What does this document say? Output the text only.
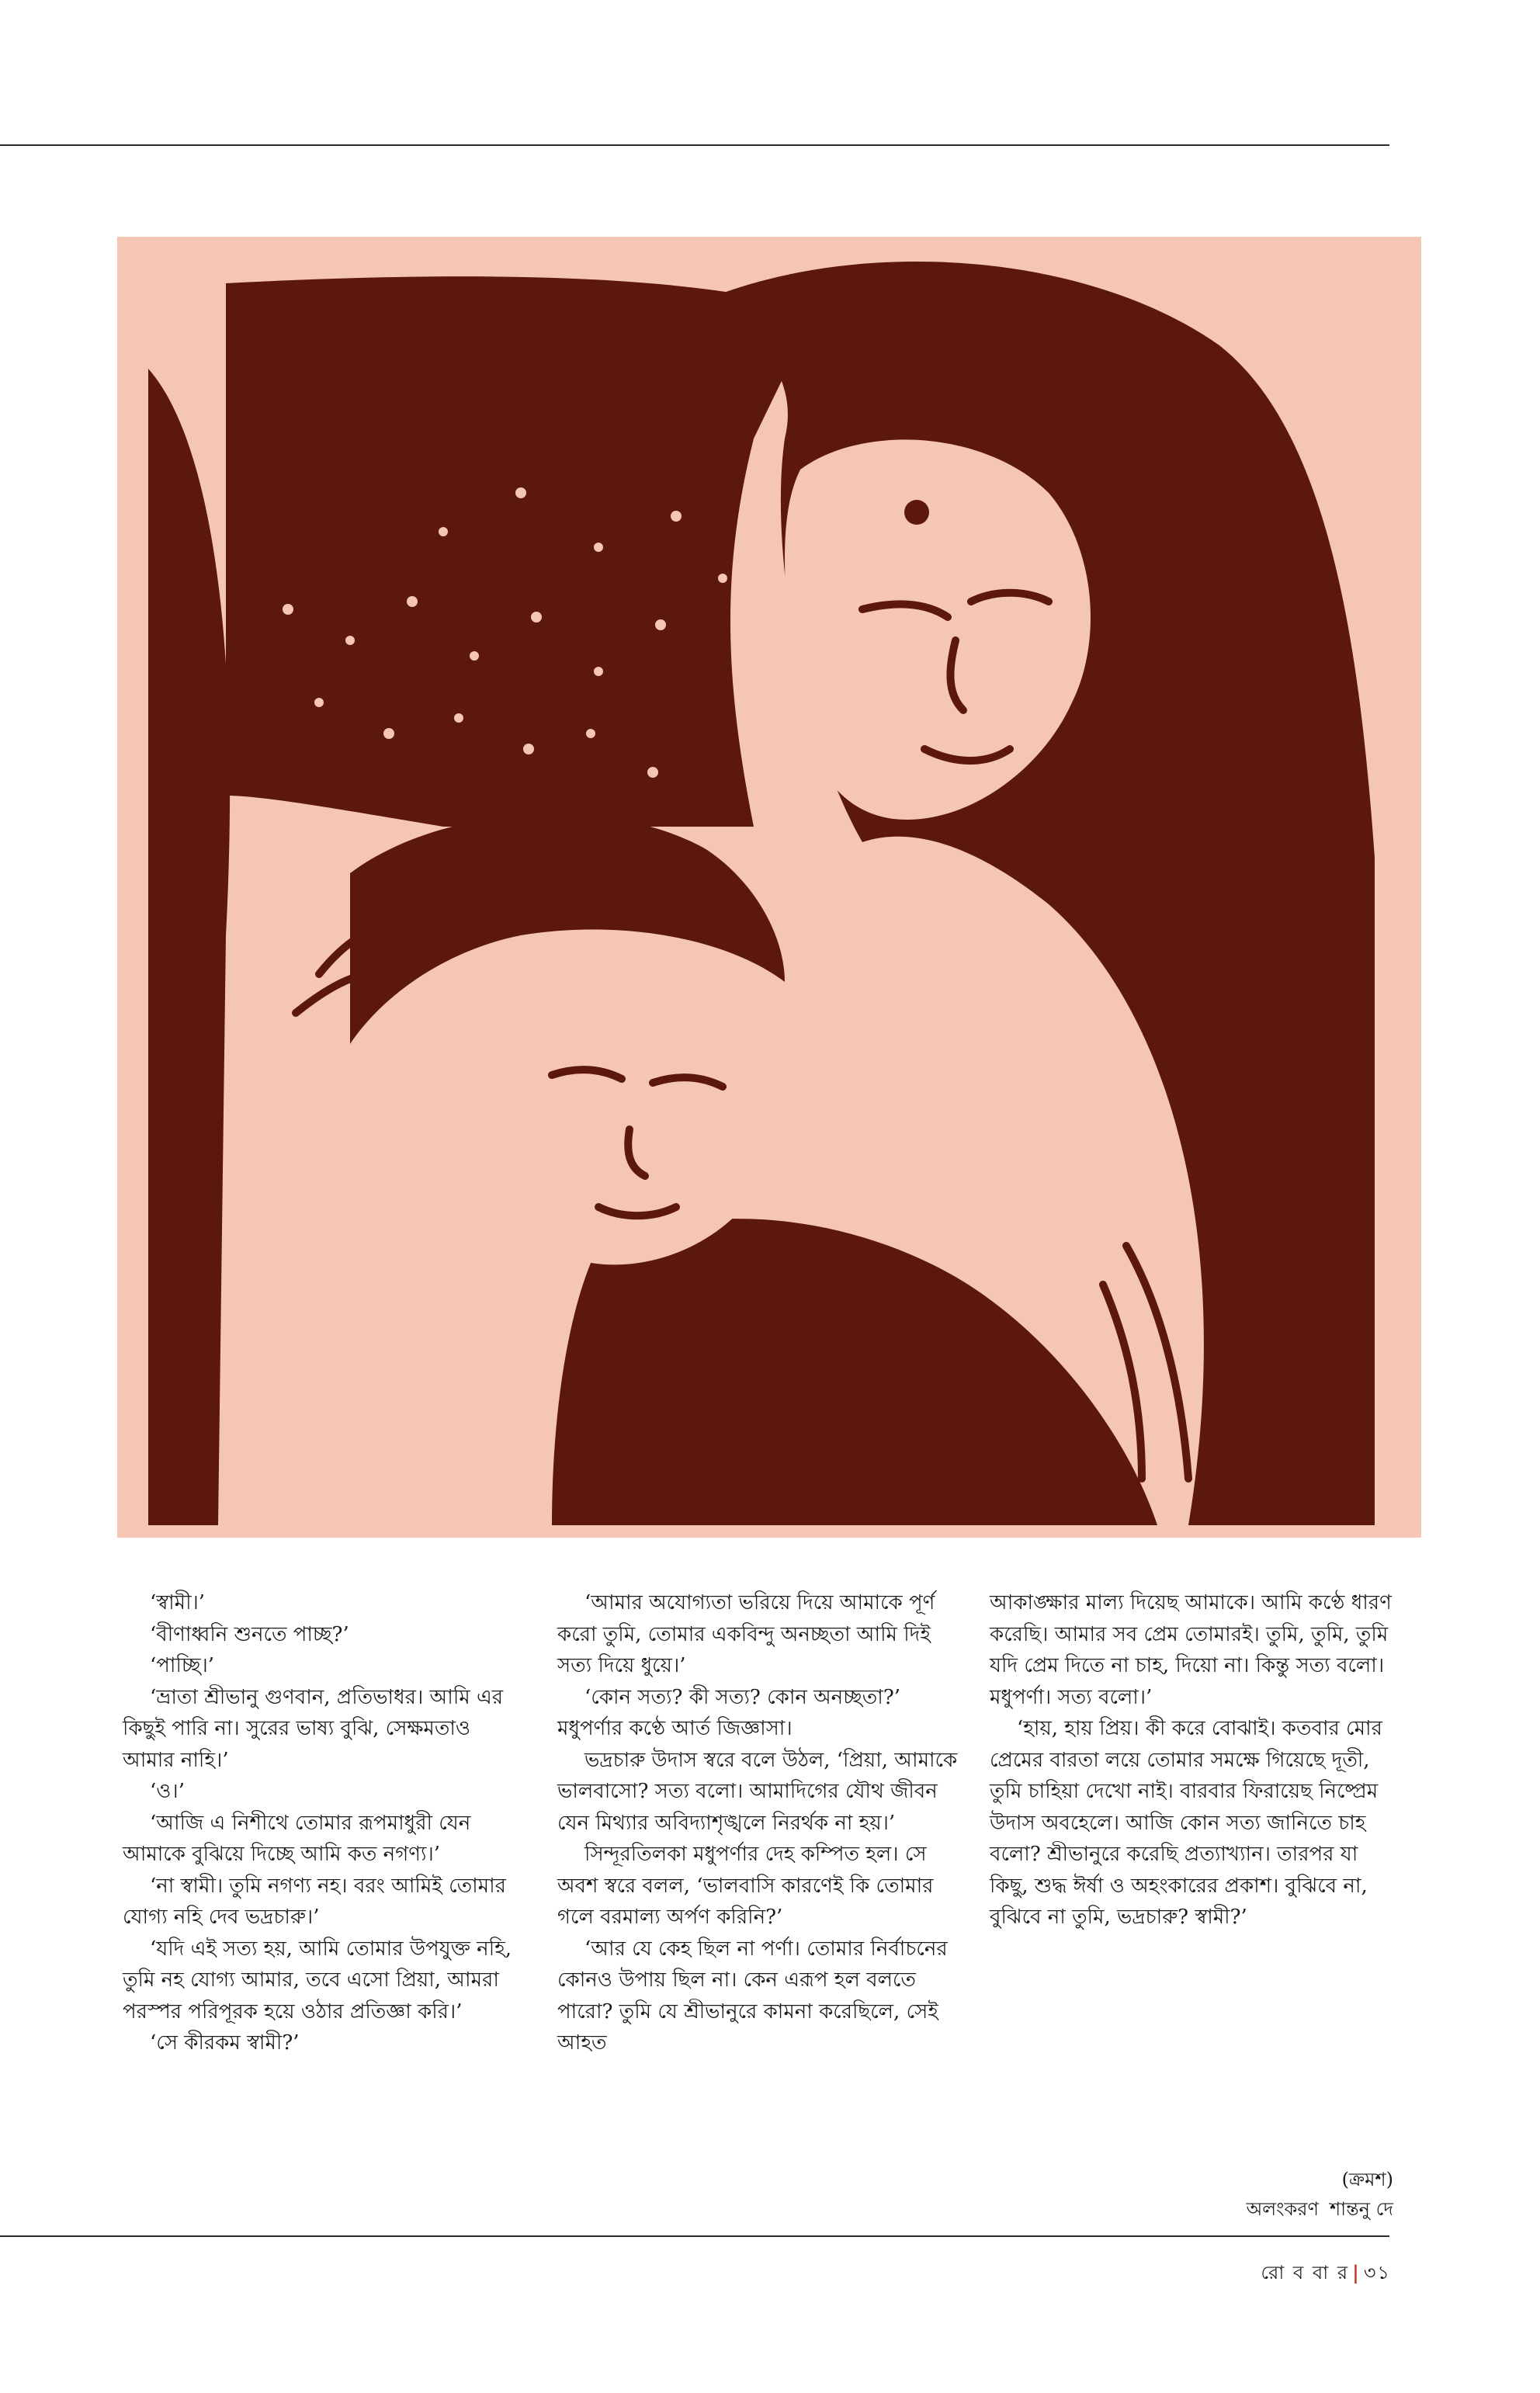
‘স্বামী।’

‘বীণাধ্বনি শুনতে পাচ্ছ?’

‘পাচ্ছি।’

‘ভ্রাতা শ্রীভানু গুণবান, প্রতিভাধর। আমি এর কিছুই পারি না। সুরের ভাষ্য বুঝি, সেক্ষমতাও আমার নাহি।’

‘ও।’

‘আজি এ নিশীথে তোমার রূপমাধুরী যেন আমাকে বুঝিয়ে দিচ্ছে আমি কত নগণ্য।’

‘না স্বামী। তুমি নগণ্য নহ। বরং আমিই তোমার যোগ্য নহি দেব ভদ্রচারু।’

‘যদি এই সত্য হয়, আমি তোমার উপযুক্ত নহি, তুমি নহ যোগ্য আমার, তবে এসো প্রিয়া, আমরা পরস্পর পরিপূরক হয়ে ওঠার প্রতিজ্ঞা করি।’

‘সে কীরকম স্বামী?’

‘আমার অযোগ্যতা ভরিয়ে দিয়ে আমাকে পূর্ণ করো তুমি, তোমার একবিন্দু অনচ্ছতা আমি দিই সত্য দিয়ে ধুয়ে।’

‘কোন সত্য? কী সত্য? কোন অনচ্ছতা?’ মধুপর্ণার কণ্ঠে আর্ত জিজ্ঞাসা।

ভদ্রচারু উদাস স্বরে বলে উঠল, ‘প্রিয়া, আমাকে ভালবাসো? সত্য বলো। আমাদিগের যৌথ জীবন যেন মিথ্যার অবিদ্যাশৃঙ্খলে নিরর্থক না হয়।’

সিন্দূরতিলকা মধুপর্ণার দেহ কম্পিত হল। সে অবশ স্বরে বলল, ‘ভালবাসি কারণেই কি তোমার গলে বরমাল্য অর্পণ করিনি?’

‘আর যে কেহ ছিল না পর্ণা। তোমার নির্বাচনের কোনও উপায় ছিল না। কেন এরূপ হল বলতে পারো? তুমি যে শ্রীভানুরে কামনা করেছিলে, সেই আহত

আকাঙ্ক্ষার মাল্য দিয়েছ আমাকে। আমি কণ্ঠে ধারণ করেছি। আমার সব প্রেম তোমারই। তুমি, তুমি, তুমি যদি প্রেম দিতে না চাহ, দিয়ো না। কিন্তু সত্য বলো। মধুপর্ণা। সত্য বলো।’

‘হায়, হায় প্রিয়। কী করে বোঝাই। কতবার মোর প্রেমের বারতা লয়ে তোমার সমক্ষে গিয়েছে দূতী, তুমি চাহিয়া দেখো নাই। বারবার ফিরায়েছ নিষ্প্রেম উদাস অবহেলে। আজি কোন সত্য জানিতে চাহ বলো? শ্রীভানুরে করেছি প্রত্যাখ্যান। তারপর যা কিছু, শুদ্ধ ঈর্ষা ও অহংকারের প্রকাশ। বুঝিবে না, বুঝিবে না তুমি, ভদ্রচারু? স্বামী?’

(ক্রমশ)
অলংকরণ শান্তনু দে
রো ব বা র | ৩১
